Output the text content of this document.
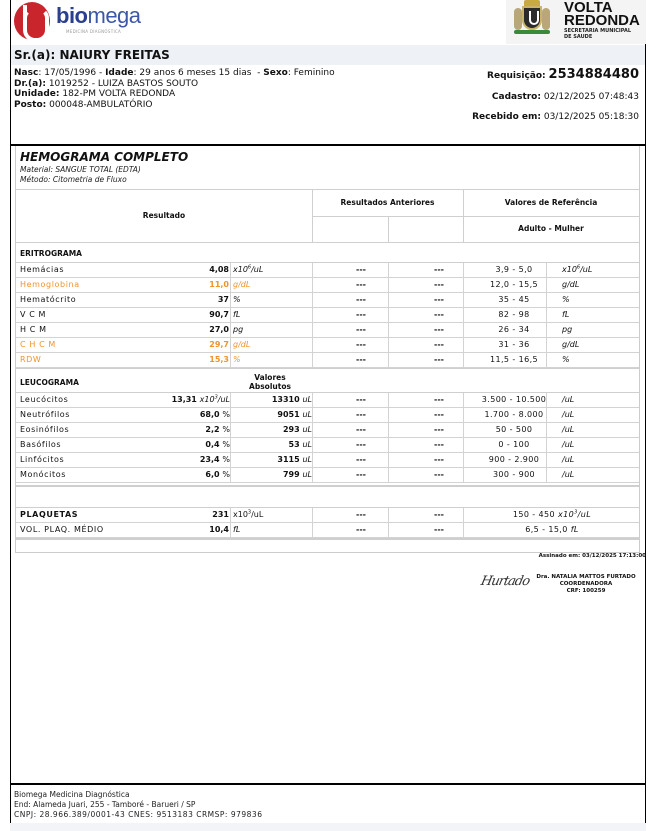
biomega
MEDICINA DIAGNÓSTICA
VOLTA
REDONDA
SECRETARIA MUNICIPAL
DE SAUDE
Sr.(a): NAIURY FREITAS
Nasc: 17/05/1996 - Idade: 29 anos 6 meses 15 dias  - Sexo: Feminino
Dr.(a): 1019252 - LUIZA BASTOS SOUTO
Unidade: 182-PM VOLTA REDONDA
Posto: 000048-AMBULATÓRIO
Requisição: 2534884480
Cadastro: 02/12/2025 07:48:43
Recebido em: 03/12/2025 05:18:30
HEMOGRAMA COMPLETO
Material: SANGUE TOTAL (EDTA)
Método: Citometria de Fluxo
Resultado
Resultados Anteriores	Valores de Referência
Adulto - Mulher
ERITROGRAMA
Hemácias	4,08 $x10^6/uL$	---	---	3,9 - 5,0	$x10^6/uL$
Hemoglobina	11,0 g/dL	---	---	12,0 - 15,5	g/dL
Hematócrito	37 %	---	---	35 - 45	%
V C M	90,7 fL	---	---	82 - 98	fL
H C M	27,0 pg	---	---	26 - 34	pg
C H C M	29,7 g/dL	---	---	31 - 36	g/dL
RDW	15,3 %	---	---	11,5 - 16,5	%
LEUCOGRAMA
Valores
Absolutos
Leucócitos	13,31 $x10^3/uL$	13310 uL	---	---	3.500 - 10.500	/uL
Neutrófilos	68,0 %	9051 uL	---	---	1.700 - 8.000	/uL
Eosinófilos	2,2 %	293 uL	---	---	50 - 500	/uL
Basófilos	0,4 %	53 uL	---	---	0 - 100	/uL
Linfócitos	23,4 %	3115 uL	---	---	900 - 2.900	/uL
Monócitos	6,0 %	799 uL	---	---	300 - 900	/uL
PLAQUETAS	231 $x10^3/uL$	---	---	150 - 450 $x10^3/uL$
VOL. PLAQ. MÉDIO	10,4 fL	---	---	6,5 - 15,0 fL
Assinado em: 03/12/2025 17:13:00
Hurtado	Dra. NATALIA MATTOS FURTADO
COORDENADORA
CRF: 100259
Biomega Medicina Diagnóstica
End: Alameda Juari, 255 - Tamboré - Barueri / SP
CNPJ: 28.966.389/0001-43 CNES: 9513183 CRMSP: 979836
